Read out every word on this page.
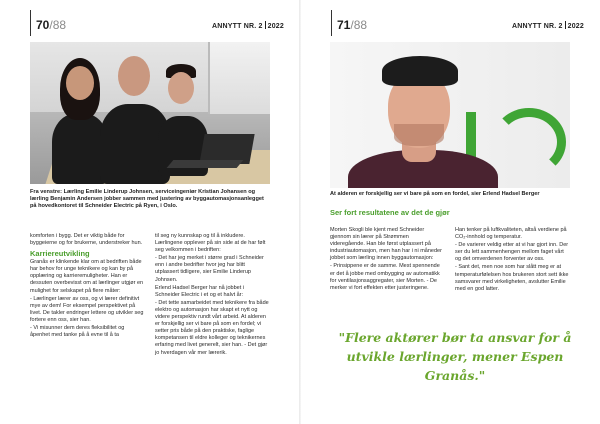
70/88	ANNYTT NR. 2 2022
Fra venstre: Lærling Emilie Linderup Johnsen, serviceingeniør Kristian Johansen og lærling Benjamin Andersen jobber sammen med justering av byggautomasjonsanlegget på hovedkontoret til Schneider Electric på Ryen, i Oslo.

komforten i bygg. Det er viktig både for byggeierne og for brukerne, understreker hun.

Karriereutvikling

Granås er klinkende klar om at bedriften både har behov for unge teknikere og kan by på opplæring og karrieremuligheter. Han er dessuten overbevisst om at lærlinger utgjør en mulighet for selskapet på flere måter:

- Lærlinger lærer av oss, og vi lærer definitivt mye av dem! For eksempel perspektivet på livet. De takler endringer lettere og utvikler seg fortere enn oss, sier han.

- Vi misunner dem deres fleksibilitet og åpenhet med tanke på å evne til å ta

til seg ny kunnskap og til å inkludere. Lærlingene opplever på sin side at de har følt seg velkommen i bedriften:

- Det har jeg merket i større grad i Schneider enn i andre bedrifter hvor jeg har blitt utplassert tidligere, sier Emilie Linderup Johnsen.

Erlend Hadsel Berger har nå jobbet i Schneider Electric i et og et halvt år:

- Det tette samarbeidet med teknikere fra både elektro og automasjon har skapt et nytt og videre perspektiv rundt vårt arbeid. At alderen er forskjellig ser vi bare på som en fordel; vi setter pris både på den praktiske, faglige kompetansen til eldre kolleger og teknikernes erfaring med livet generelt, sier han. - Det gjør jo hverdagen vår mer lærerik.

71/88	ANNYTT NR. 2 2022
At alderen er forskjellig ser vi bare på som en fordel, sier Erlend Hadsel Berger
Ser fort resultatene av det de gjør

Morten Skogli ble kjent med Schneider gjennom sin lærer på Strømmen videregående. Han ble først utplassert på industriautomasjon, men han har i ni måneder jobbet som lærling innen byggautomasjon:

- Prinsippene er de samme. Mest spennende er det å jobbe med ombygging av automatikk for ventilasjonsaggregater, sier Morten. - De merker vi fort effekten etter justeringene.

Han tenker på luftkvaliteten, altså verdiene på CO₂-innhold og temperatur.

- De varierer veldig etter at vi har gjort inn. Der ser du lett sammenhengen mellom faget vårt og det omverdenen forventer av oss.

- Sant det, men noe som har slått meg er at temperaturfølelsen hos brukeren stort sett ikke samsvarer med virkeligheten, avslutter Emilie med en god latter.

"Flere aktører bør ta ansvar for å utvikle lærlinger, mener Espen Granås."
